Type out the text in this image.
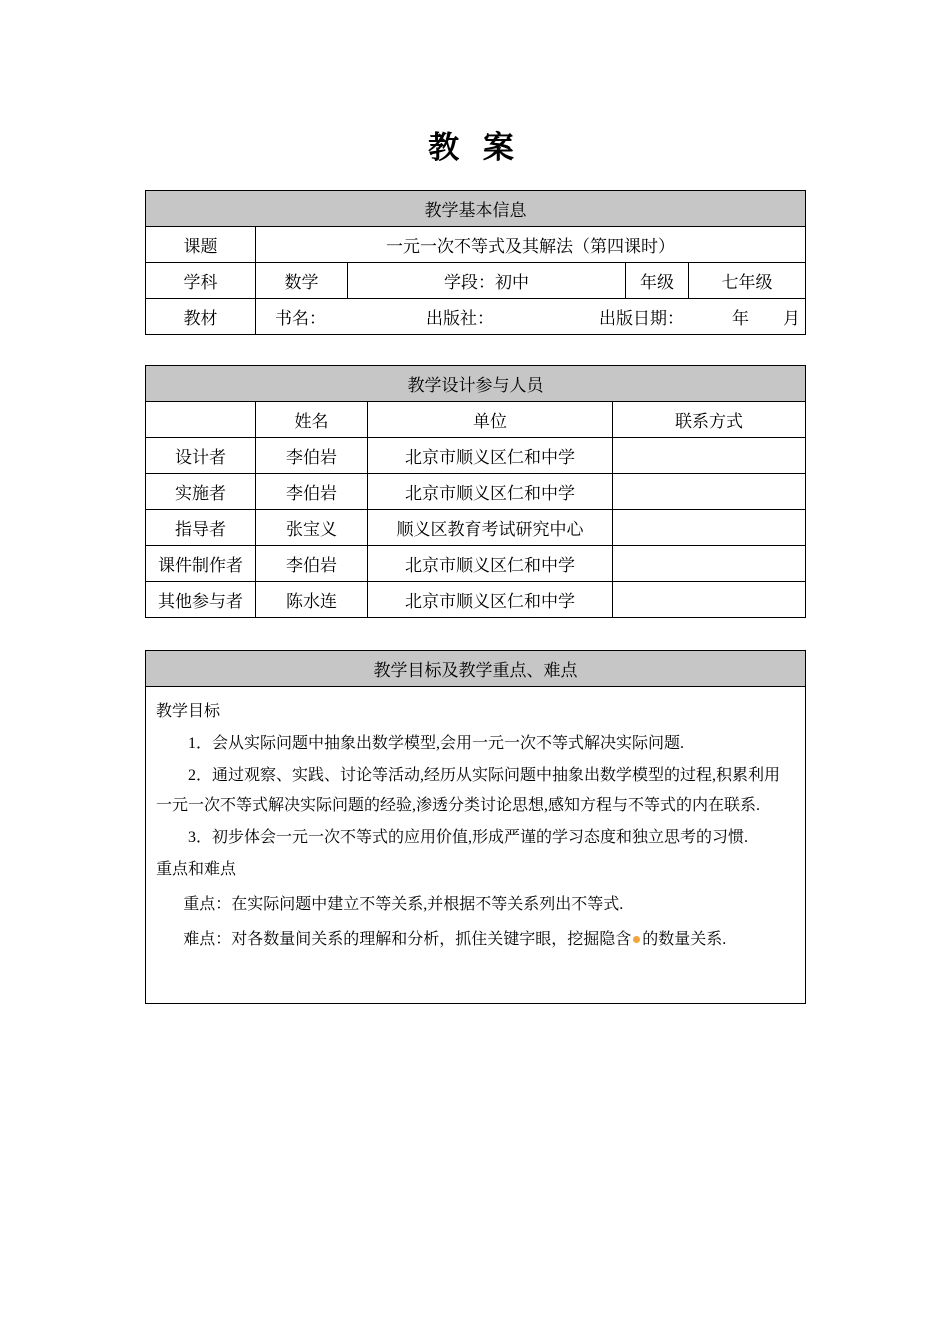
教 案
教学基本信息				
课题	一元一次不等式及其解法（第四课时）			
学科	数学	学段：初中	年级	七年级
教材	书名： 出版社： 出版日期： 年　　月			
教学设计参与人员			
	姓名	单位	联系方式
设计者	李伯岩	北京市顺义区仁和中学	
实施者	李伯岩	北京市顺义区仁和中学	
指导者	张宝义	顺义区教育考试研究中心	
课件制作者	李伯岩	北京市顺义区仁和中学	
其他参与者	陈水连	北京市顺义区仁和中学	
教学目标及教学重点、难点

教学目标

1．会从实际问题中抽象出数学模型,会用一元一次不等式解决实际问题.

2．通过观察、实践、讨论等活动,经历从实际问题中抽象出数学模型的过程,积累利用一元一次不等式解决实际问题的经验,渗透分类讨论思想,感知方程与不等式的内在联系.

3．初步体会一元一次不等式的应用价值,形成严谨的学习态度和独立思考的习惯.

重点和难点

重点：在实际问题中建立不等关系,并根据不等关系列出不等式.

难点：对各数量间关系的理解和分析，抓住关键字眼，挖掘隐含 的数量关系.
